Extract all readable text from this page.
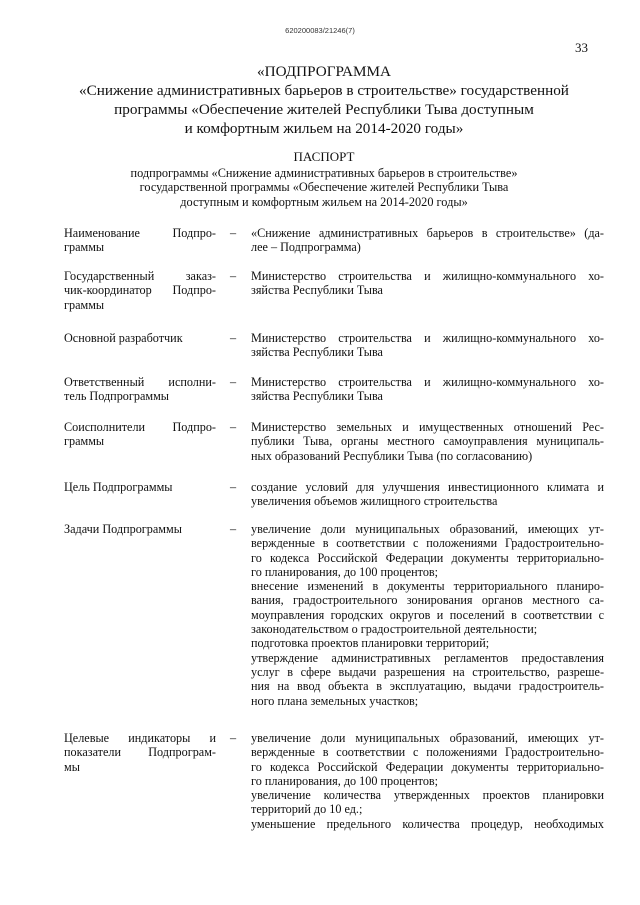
620200083/21246(7)
33
«ПОДПРОГРАММА
«Снижение административных барьеров в строительстве» государственной
программы «Обеспечение жителей Республики Тыва доступным
и комфортным жильем на 2014-2020 годы»
ПАСПОРТ
подпрограммы «Снижение административных барьеров в строительстве»
государственной программы «Обеспечение жителей Республики Тыва
доступным и комфортным жильем на 2014-2020 годы»
Наименование Подпро-
граммы
–	«Снижение административных барьеров в строительстве» (да-
лее – Подпрограмма)
Государственный заказ-
чик-координатор Подпро-
граммы
–	Министерство строительства и жилищно-коммунального хо-
зяйства Республики Тыва
Основной разработчик	–	Министерство строительства и жилищно-коммунального хо-
зяйства Республики Тыва
Ответственный исполни-
тель Подпрограммы
–	Министерство строительства и жилищно-коммунального хо-
зяйства Республики Тыва
Соисполнители Подпро-
граммы
–	Министерство земельных и имущественных отношений Рес-
публики Тыва, органы местного самоуправления муниципаль-
ных образований Республики Тыва (по согласованию)
Цель Подпрограммы	–	создание условий для улучшения инвестиционного климата и
увеличения объемов жилищного строительства
Задачи Подпрограммы	–	увеличение доли муниципальных образований, имеющих ут-
вержденные в соответствии с положениями Градостроительно-
го кодекса Российской Федерации документы территориально-
го планирования, до 100 процентов;
внесение изменений в документы территориального планиро-
вания, градостроительного зонирования органов местного са-
моуправления городских округов и поселений в соответствии с
законодательством о градостроительной деятельности;
подготовка проектов планировки территорий;
утверждение административных регламентов предоставления
услуг в сфере выдачи разрешения на строительство, разреше-
ния на ввод объекта в эксплуатацию, выдачи градостроитель-
ного плана земельных участков;
Целевые индикаторы и
показатели Подпрограм-
мы
–	увеличение доли муниципальных образований, имеющих ут-
вержденные в соответствии с положениями Градостроительно-
го кодекса Российской Федерации документы территориально-
го планирования, до 100 процентов;
увеличение количества утвержденных проектов планировки
территорий до 10 ед.;
уменьшение предельного количества процедур, необходимых
